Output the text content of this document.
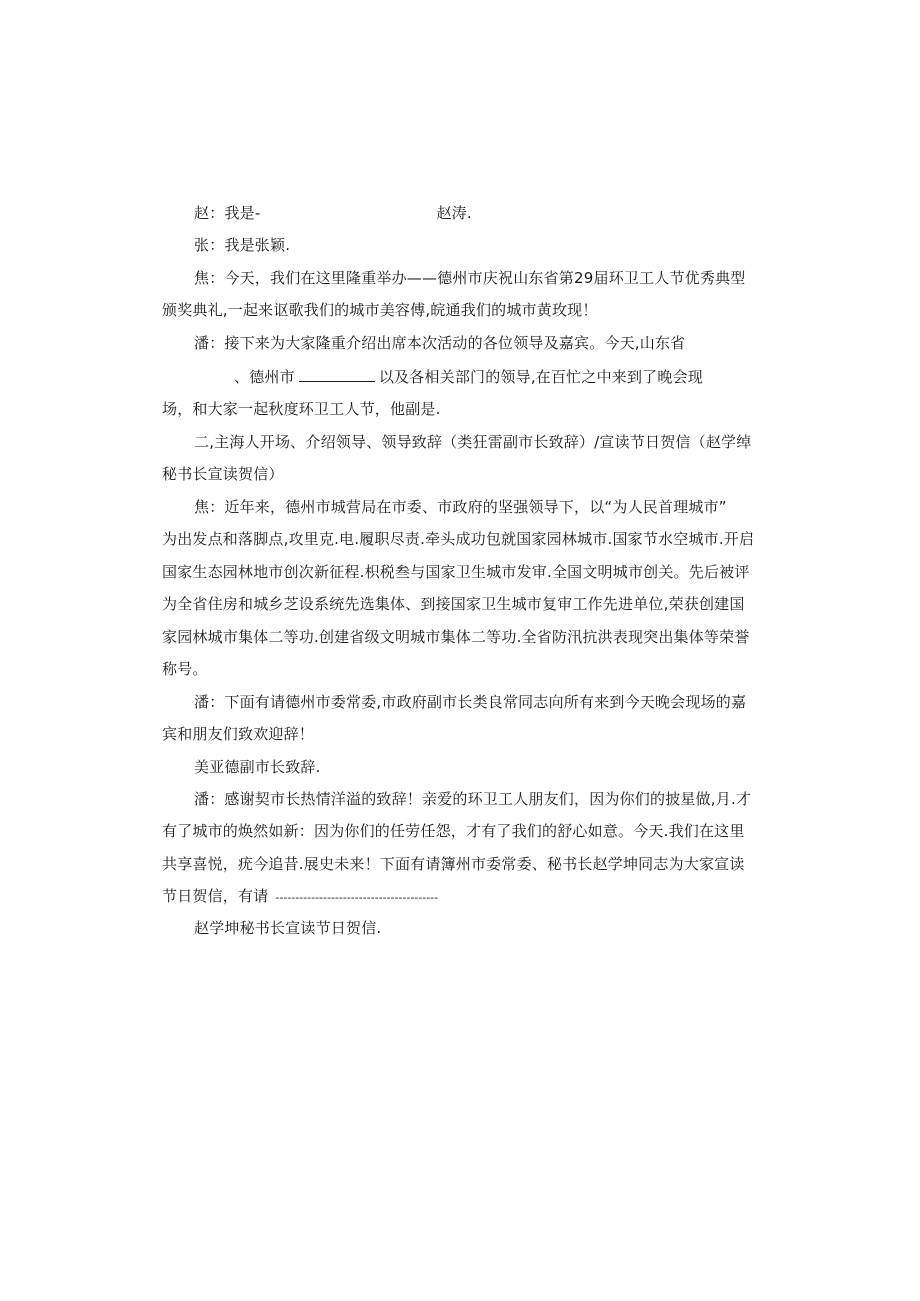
赵：我是-	赵涛.
张：我是张颖.
焦：今天，我们在这里隆重举办——德州市庆祝山东省第29届环卫工人节优秀典型
颁奖典礼,一起来讴歌我们的城市美容傅,皖通我们的城市黄玫现！
潘：接下来为大家隆重介绍出席本次活动的各位领导及嘉宾。今天,山东省
、德州市	以及各相关部门的领导,在百忙之中来到了晚会现
场，和大家一起秋度环卫工人节，他副是.
二,主海人开场、介绍领导、领导致辞（类狂雷副市长致辞）/宣读节日贺信（赵学绰
秘书长宣读贺信）
焦：近年来，德州市城营局在市委、市政府的坚强领导下，以“为人民首理城市”
为出发点和落脚点,攻里克.电.履职尽责.牵头成功包就国家园林城市.国家节水空城市.开启
国家生态园林地市创次新征程.枳税叁与国家卫生城市发审.全国文明城市创关。先后被评
为全省住房和城乡芝设系统先选集体、到接国家卫生城市复审工作先进单位,荣获创建国
家园林城市集体二等功.创建省级文明城市集体二等功.全省防汛抗洪表现突出集体等荣誉
称号。
潘：下面有请德州市委常委,市政府副市长类良常同志向所有来到今天晚会现场的嘉
宾和朋友们致欢迎辞！
美亚德副市长致辞.
潘：感谢契市长热情洋溢的致辞！亲爱的环卫工人朋友们，因为你们的披星做,月.才
有了城市的焕然如新：因为你们的任劳任怨，才有了我们的舒心如意。今天.我们在这里
共享喜悦，疣今追昔.展史未来！下面有请簿州市委常委、秘书长赵学坤同志为大家宣读
节日贺信，有请 -----------------------------------------
赵学坤秘书长宣读节日贺信.
